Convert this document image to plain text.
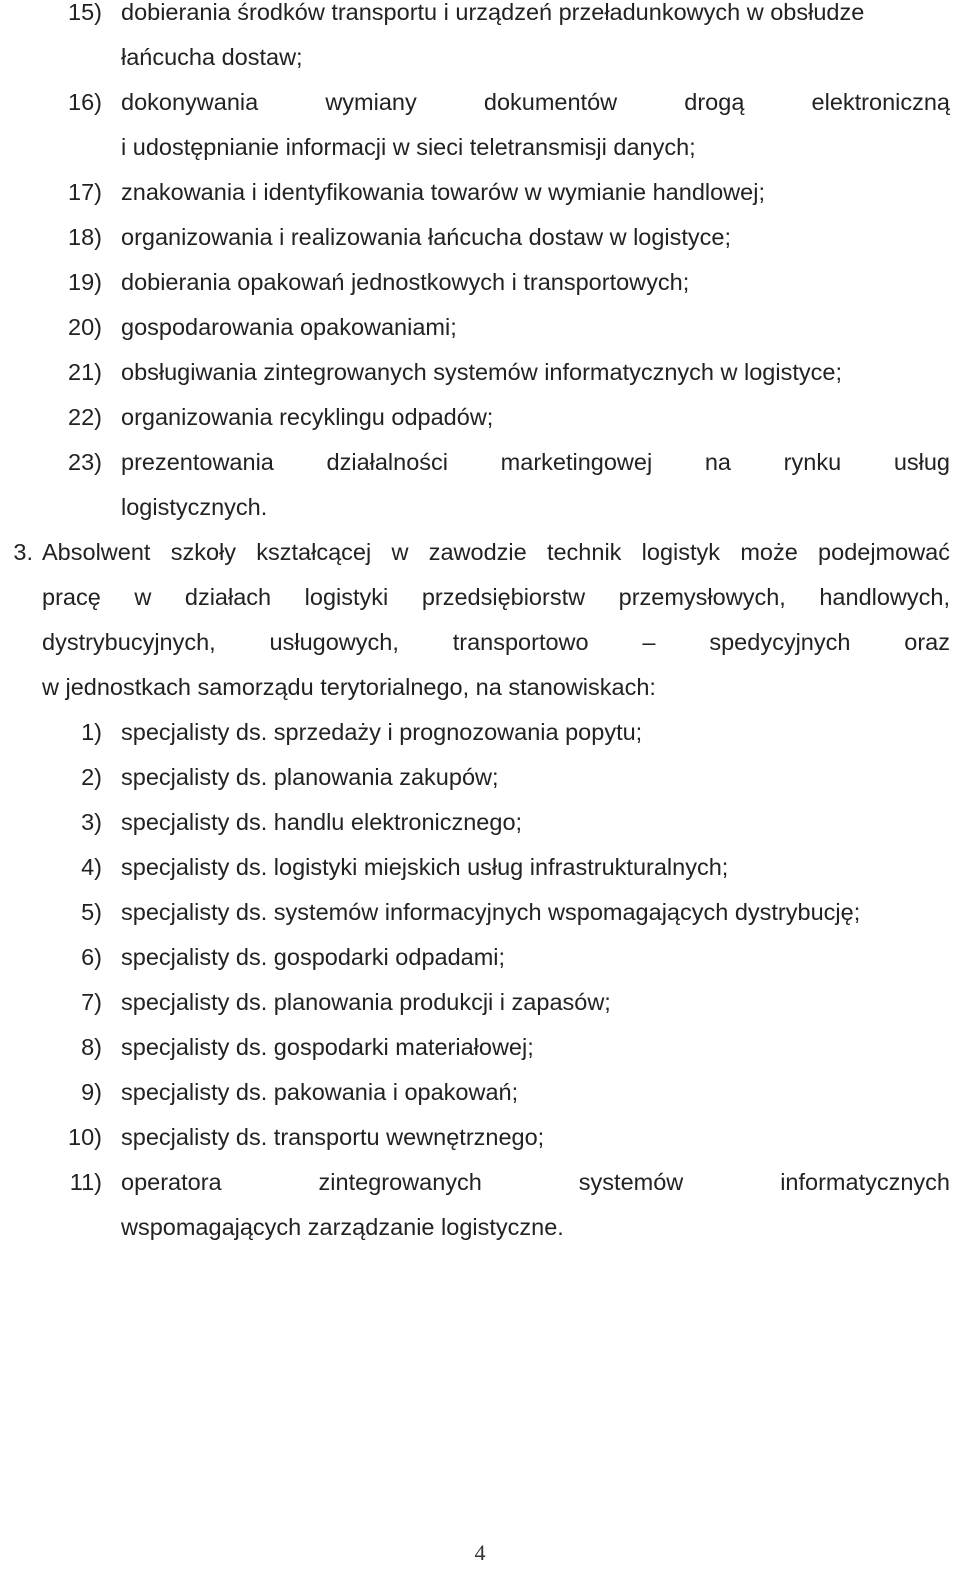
15) dobierania środków transportu i urządzeń przeładunkowych w obsłudze
łańcucha dostaw;
16) dokonywania wymiany dokumentów drogą elektroniczną
i udostępnianie informacji w sieci teletransmisji danych;
17) znakowania i identyfikowania towarów w wymianie handlowej;
18) organizowania i realizowania łańcucha dostaw w logistyce;
19) dobierania opakowań jednostkowych i transportowych;
20) gospodarowania opakowaniami;
21) obsługiwania zintegrowanych systemów informatycznych w logistyce;
22) organizowania recyklingu odpadów;
23) prezentowania działalności marketingowej na rynku usług
logistycznych.
3. Absolwent szkoły kształcącej w zawodzie technik logistyk może podejmować
pracę w działach logistyki przedsiębiorstw przemysłowych, handlowych,
dystrybucyjnych, usługowych, transportowo – spedycyjnych oraz
w jednostkach samorządu terytorialnego, na stanowiskach:
1) specjalisty ds. sprzedaży i prognozowania popytu;
2) specjalisty ds. planowania zakupów;
3) specjalisty ds. handlu elektronicznego;
4) specjalisty ds. logistyki miejskich usług infrastrukturalnych;
5) specjalisty ds. systemów informacyjnych wspomagających dystrybucję;
6) specjalisty ds. gospodarki odpadami;
7) specjalisty ds. planowania produkcji i zapasów;
8) specjalisty ds. gospodarki materiałowej;
9) specjalisty ds. pakowania i opakowań;
10) specjalisty ds. transportu wewnętrznego;
11) operatora zintegrowanych systemów informatycznych
wspomagających zarządzanie logistyczne.
4
